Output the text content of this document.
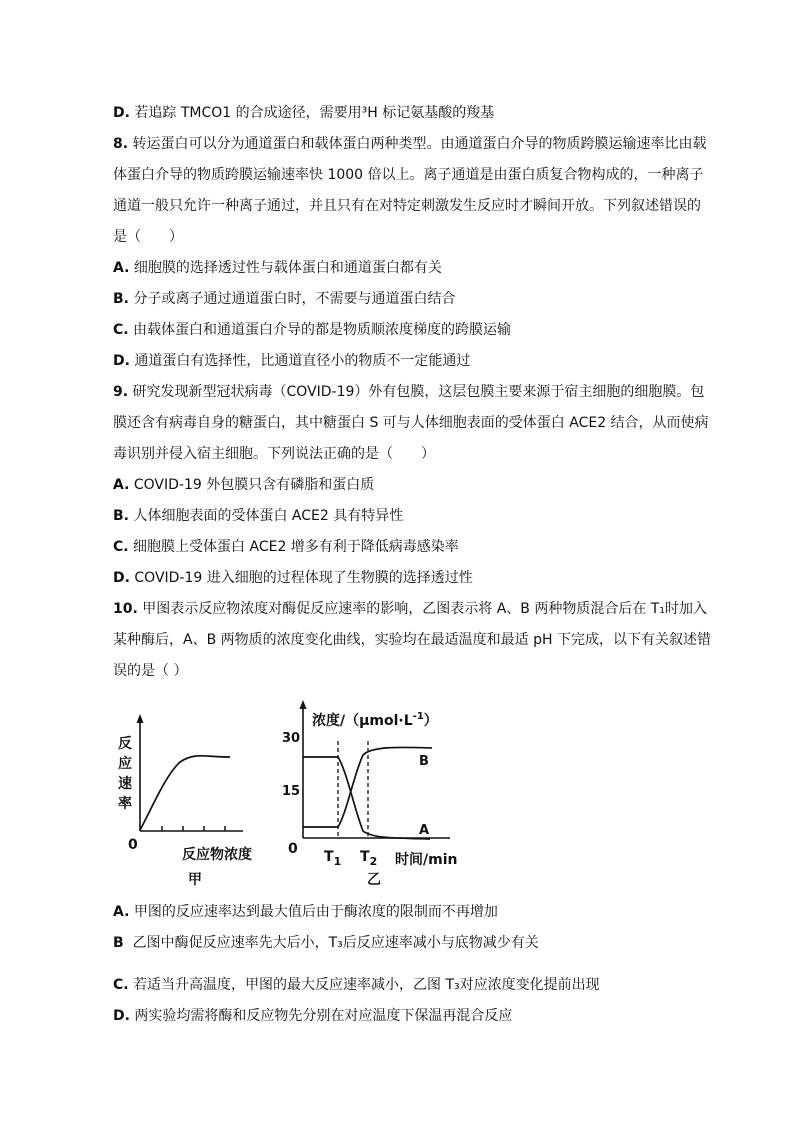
D. 若追踪 TMCO1 的合成途径，需要用³H 标记氨基酸的羧基
8. 转运蛋白可以分为通道蛋白和载体蛋白两种类型。由通道蛋白介导的物质跨膜运输速率比由载
体蛋白介导的物质跨膜运输速率快 1000 倍以上。离子通道是由蛋白质复合物构成的，一种离子
通道一般只允许一种离子通过，并且只有在对特定刺激发生反应时才瞬间开放。下列叙述错误的
是（　　）
A. 细胞膜的选择透过性与载体蛋白和通道蛋白都有关
B. 分子或离子通过通道蛋白时，不需要与通道蛋白结合
C. 由载体蛋白和通道蛋白介导的都是物质顺浓度梯度的跨膜运输
D. 通道蛋白有选择性，比通道直径小的物质不一定能通过
9. 研究发现新型冠状病毒（COVID-19）外有包膜，这层包膜主要来源于宿主细胞的细胞膜。包
膜还含有病毒自身的糖蛋白，其中糖蛋白 S 可与人体细胞表面的受体蛋白 ACE2 结合，从而使病
毒识别并侵入宿主细胞。下列说法正确的是（　　）
A. COVID-19 外包膜只含有磷脂和蛋白质
B. 人体细胞表面的受体蛋白 ACE2 具有特异性
C. 细胞膜上受体蛋白 ACE2 增多有利于降低病毒感染率
D. COVID-19 进入细胞的过程体现了生物膜的选择透过性
10. 甲图表示反应物浓度对酶促反应速率的影响，乙图表示将 A、B 两种物质混合后在 T₁时加入
某种酶后，A、B 两物质的浓度变化曲线，实验均在最适温度和最适 pH 下完成，以下有关叙述错
误的是（ ）
A. 甲图的反应速率达到最大值后由于酶浓度的限制而不再增加
B 乙图中酶促反应速率先大后小，T₃后反应速率减小与底物减少有关
C. 若适当升高温度，甲图的最大反应速率减小，乙图 T₃对应浓度变化提前出现
D. 两实验均需将酶和反应物先分别在对应温度下保温再混合反应
反
应
速
率
0
反应物浓度
甲
浓度$/(\mu mol\cdot L^{-1})$
30
15
B
A
0 $T_1$ $T_2$ 时间/min
乙
